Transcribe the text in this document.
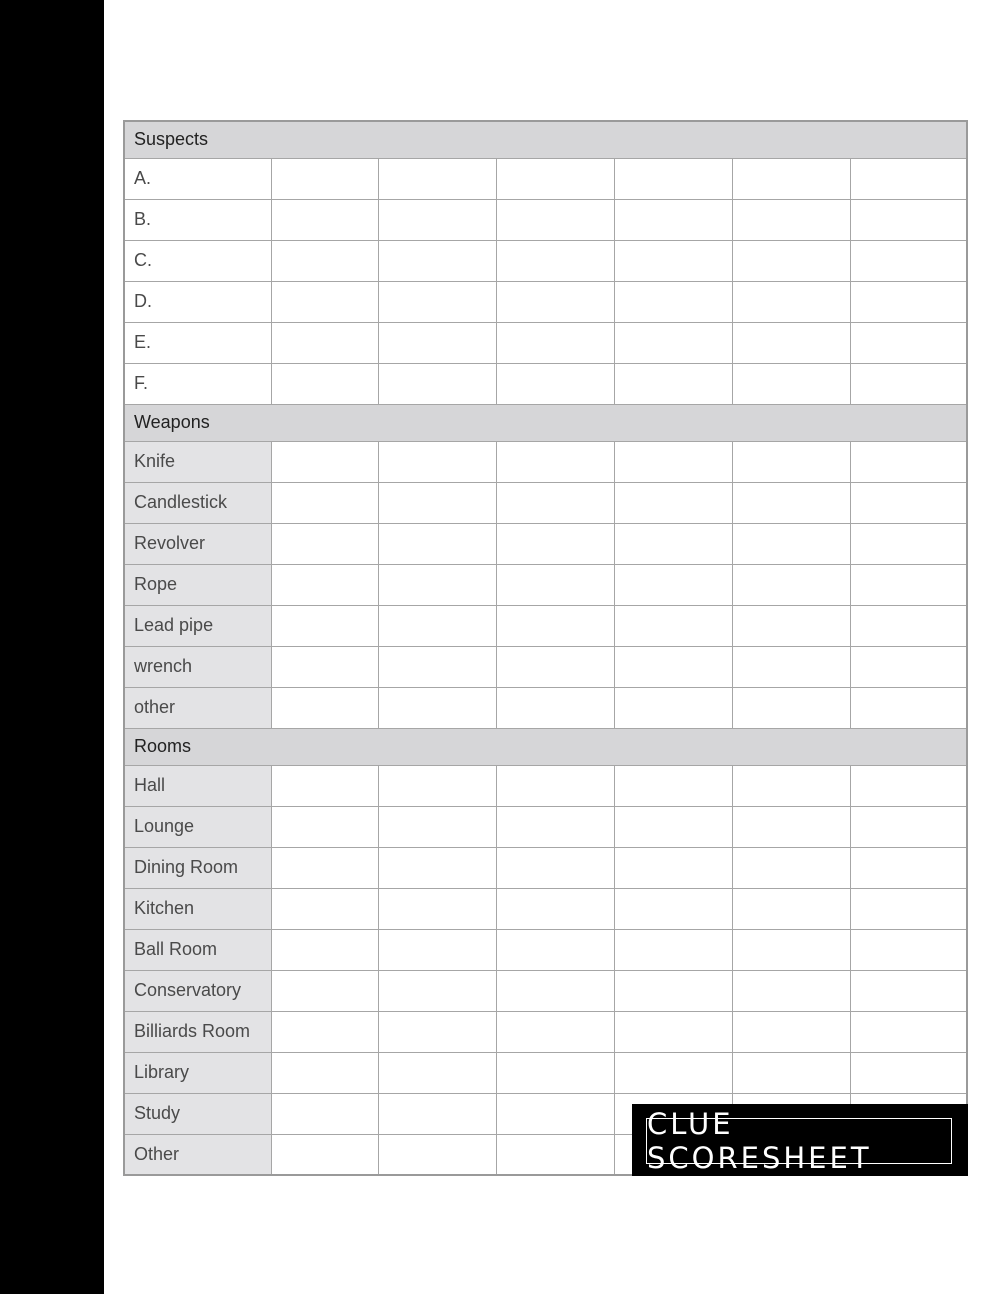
Suspects						
A.						
B.						
C.						
D.						
E.						
F.						
Weapons						
Knife						
Candlestick						
Revolver						
Rope						
Lead pipe						
wrench						
other						
Rooms						
Hall						
Lounge						
Dining Room						
Kitchen						
Ball Room						
Conservatory						
Billiards Room						
Library						
Study						
Other						
CLUE SCORESHEET
